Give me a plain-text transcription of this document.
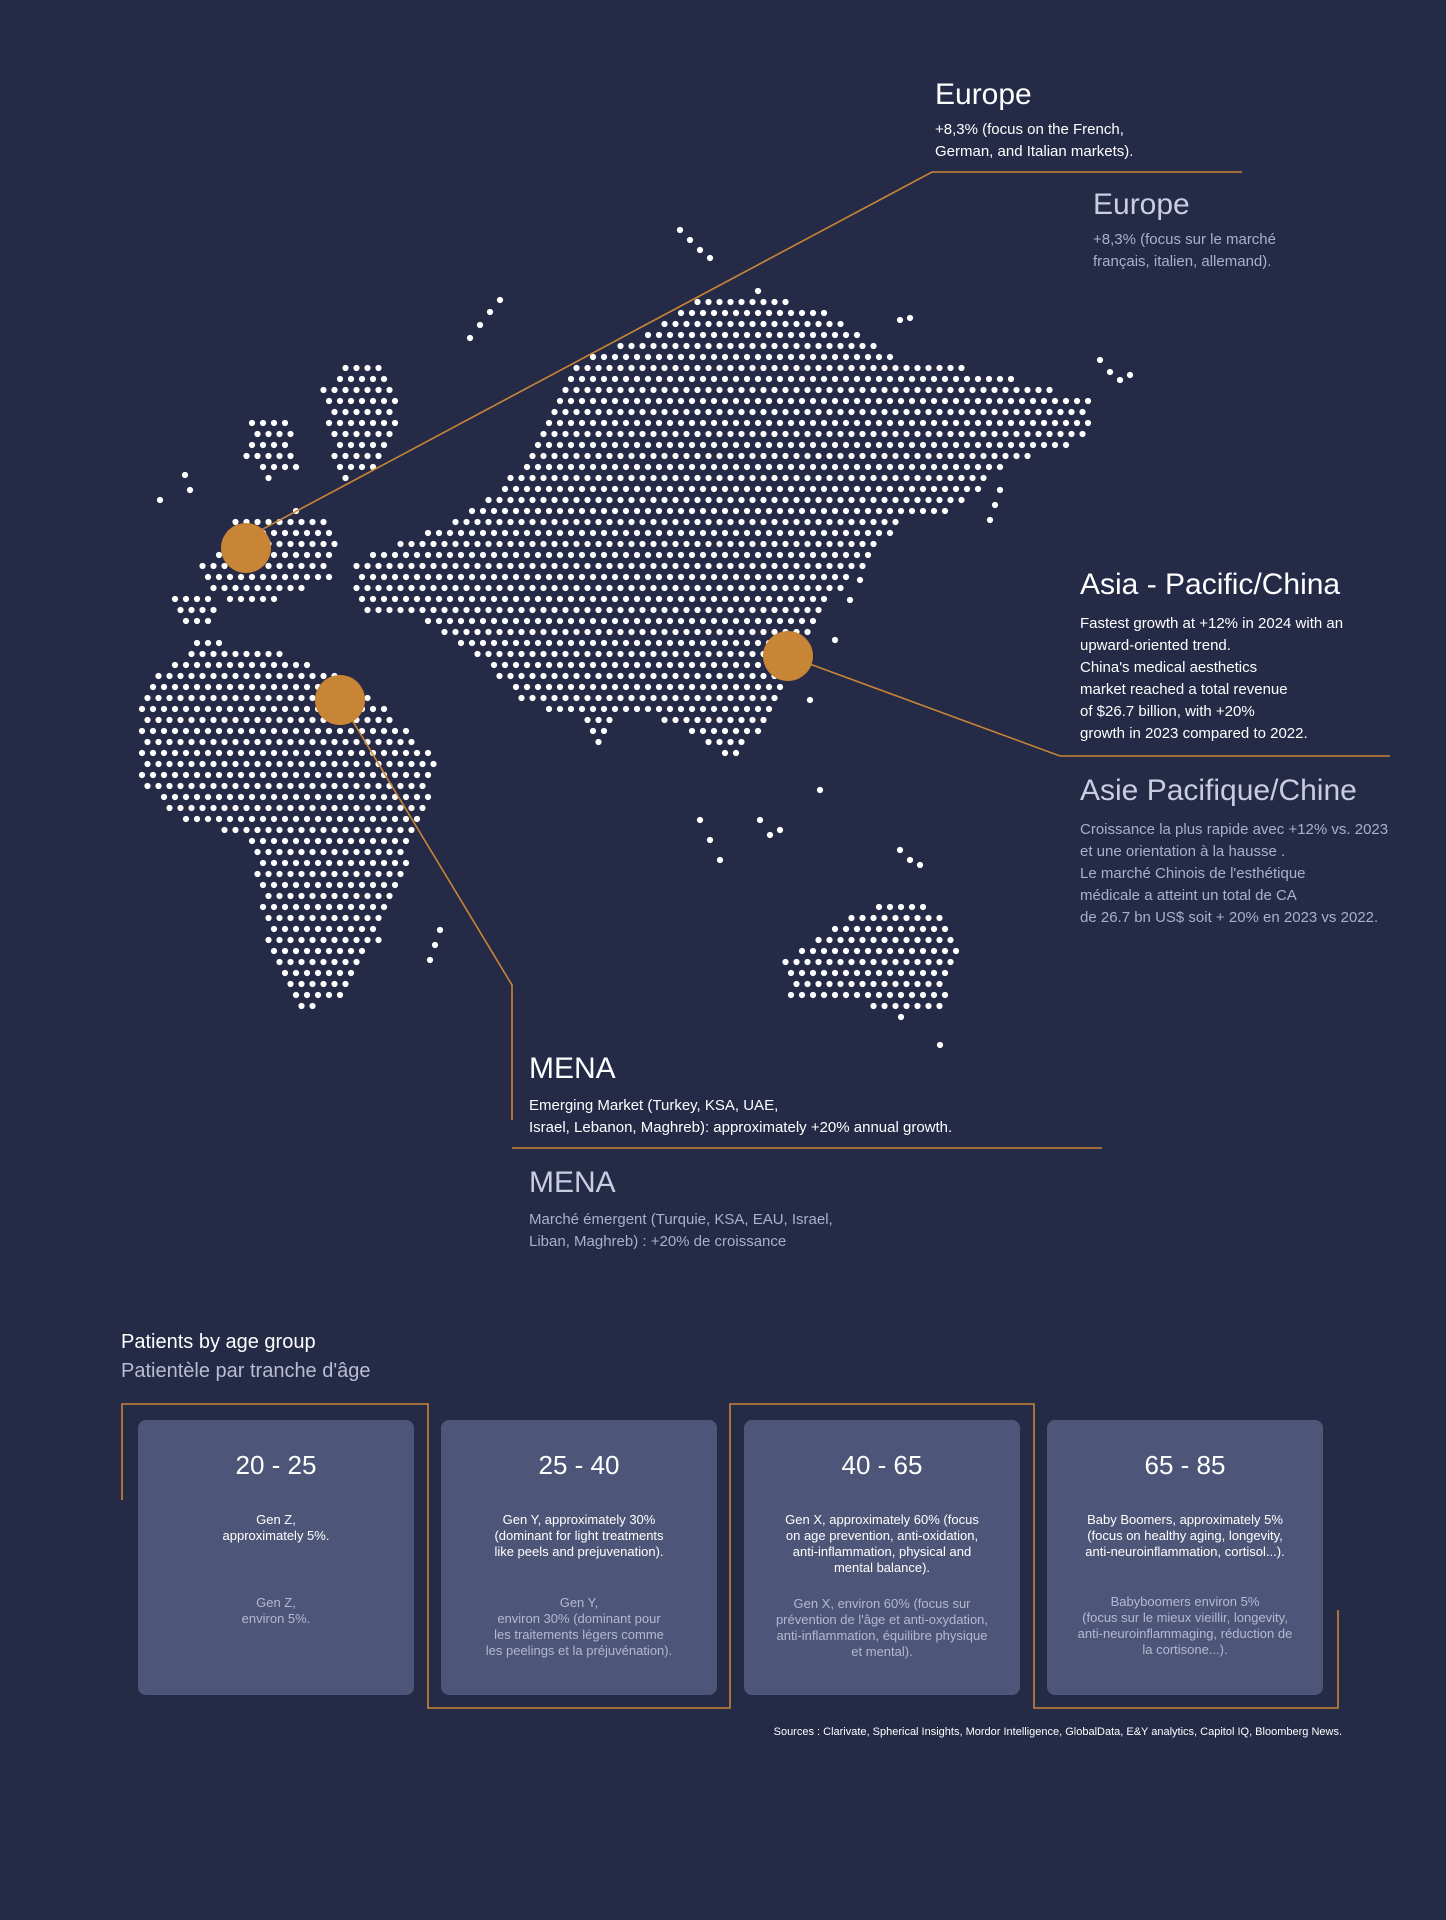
Europe
+8,3% (focus on the French,
German, and Italian markets).
Europe
+8,3% (focus sur le marché
français, italien, allemand).
Asia - Pacific/China
Fastest growth at +12% in 2024 with an
upward-oriented trend.
China's medical aesthetics
market reached a total revenue
of $26.7 billion, with +20%
growth in 2023 compared to 2022.
Asie Pacifique/Chine
Croissance la plus rapide avec +12% vs. 2023
et une orientation à la hausse .
Le marché Chinois de l'esthétique
médicale a atteint un total de CA
de 26.7 bn US$ soit + 20% en 2023 vs 2022.
MENA
Emerging Market (Turkey, KSA, UAE,
Israel, Lebanon, Maghreb): approximately +20% annual growth.
MENA
Marché émergent (Turquie, KSA, EAU, Israel,
Liban, Maghreb) : +20% de croissance
Patients by age group
Patientèle par tranche d'âge
20 - 25
Gen Z,
approximately 5%.
Gen Z,
environ 5%.
25 - 40
Gen Y, approximately 30%
(dominant for light treatments
like peels and prejuvenation).
Gen Y,
environ 30% (dominant pour
les traitements légers comme
les peelings et la préjuvénation).
40 - 65
Gen X, approximately 60% (focus
on age prevention, anti-oxidation,
anti-inflammation, physical and
mental balance).
Gen X, environ 60% (focus sur
prévention de l'âge et anti-oxydation,
anti-inflammation, équilibre physique
et mental).
65 - 85
Baby Boomers, approximately 5%
(focus on healthy aging, longevity,
anti-neuroinflammation, cortisol...).
Babyboomers environ 5%
(focus sur le mieux vieillir, longevity,
anti-neuroinflammaging, réduction de
la cortisone...).
Sources : Clarivate, Spherical Insights, Mordor Intelligence, GlobalData, E&Y analytics, Capitol IQ, Bloomberg News.
